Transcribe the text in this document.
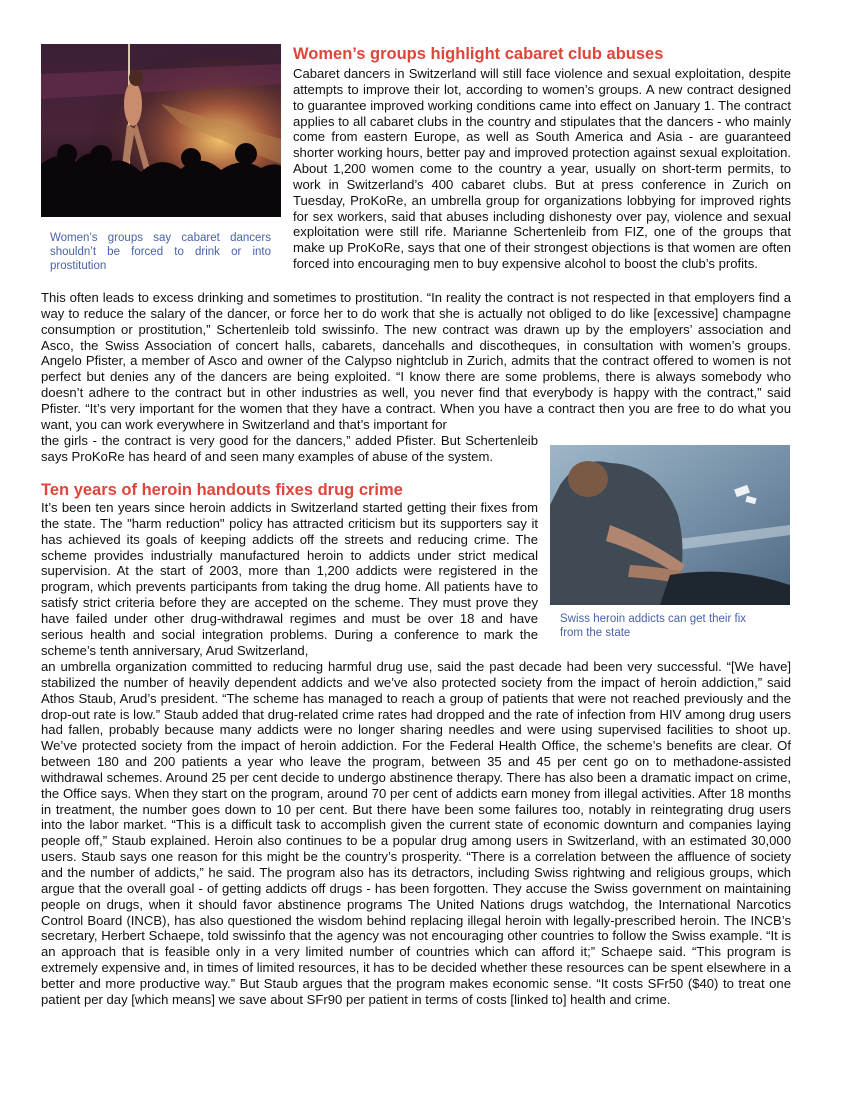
Women’s groups say cabaret dancers shouldn’t be forced to drink or into prostitution

Women’s groups highlight cabaret club abuses

Cabaret dancers in Switzerland will still face violence and sexual exploitation, despite attempts to improve their lot, according to women’s groups. A new contract designed to guarantee improved working conditions came into effect on January 1. The contract applies to all cabaret clubs in the country and stipulates that the dancers - who mainly come from eastern Europe, as well as South America and Asia - are guaranteed shorter working hours, better pay and improved protection against sexual exploitation. About 1,200 women come to the country a year, usually on short-term permits, to work in Switzerland’s 400 cabaret clubs. But at press conference in Zurich on Tuesday, ProKoRe, an umbrella group for organizations lobbying for improved rights for sex workers, said that abuses including dishonesty over pay, violence and sexual exploitation were still rife. Marianne Schertenleib from FIZ, one of the groups that make up ProKoRe, says that one of their strongest objections is that women are often forced into encouraging men to buy expensive alcohol to boost the club’s profits.

This often leads to excess drinking and sometimes to prostitution. “In reality the contract is not respected in that employers find a way to reduce the salary of the dancer, or force her to do work that she is actually not obliged to do like [excessive] champagne consumption or prostitution,” Schertenleib told swissinfo. The new contract was drawn up by the employers’ association and Asco, the Swiss Association of concert halls, cabarets, dancehalls and discotheques, in consultation with women’s groups. Angelo Pfister, a member of Asco and owner of the Calypso nightclub in Zurich, admits that the contract offered to women is not perfect but denies any of the dancers are being exploited. “I know there are some problems, there is always somebody who doesn’t adhere to the contract but in other industries as well, you never find that everybody is happy with the contract,” said Pfister. “It’s very important for the women that they have a contract. When you have a contract then you are free to do what you want, you can work everywhere in Switzerland and that’s important for

the girls - the contract is very good for the dancers,” added Pfister. But Schertenleib says ProKoRe has heard of and seen many examples of abuse of the system.

Ten years of heroin handouts fixes drug crime

Swiss heroin addicts can get their fix from the state

It’s been ten years since heroin addicts in Switzerland started getting their fixes from the state. The "harm reduction" policy has attracted criticism but its supporters say it has achieved its goals of keeping addicts off the streets and reducing crime. The scheme provides industrially manufactured heroin to addicts under strict medical supervision. At the start of 2003, more than 1,200 addicts were registered in the program, which prevents participants from taking the drug home. All patients have to satisfy strict criteria before they are accepted on the scheme. They must prove they have failed under other drug-withdrawal regimes and must be over 18 and have serious health and social integration problems. During a conference to mark the scheme’s tenth anniversary, Arud Switzerland,

an umbrella organization committed to reducing harmful drug use, said the past decade had been very successful. “[We have] stabilized the number of heavily dependent addicts and we’ve also protected society from the impact of heroin addiction,” said Athos Staub, Arud’s president. “The scheme has managed to reach a group of patients that were not reached previously and the drop-out rate is low.” Staub added that drug-related crime rates had dropped and the rate of infection from HIV among drug users had fallen, probably because many addicts were no longer sharing needles and were using supervised facilities to shoot up. We’ve protected society from the impact of heroin addiction. For the Federal Health Office, the scheme’s benefits are clear. Of between 180 and 200 patients a year who leave the program, between 35 and 45 per cent go on to methadone-assisted withdrawal schemes. Around 25 per cent decide to undergo abstinence therapy. There has also been a dramatic impact on crime, the Office says. When they start on the program, around 70 per cent of addicts earn money from illegal activities. After 18 months in treatment, the number goes down to 10 per cent. But there have been some failures too, notably in reintegrating drug users into the labor market. “This is a difficult task to accomplish given the current state of economic downturn and companies laying people off,” Staub explained. Heroin also continues to be a popular drug among users in Switzerland, with an estimated 30,000 users. Staub says one reason for this might be the country’s prosperity. “There is a correlation between the affluence of society and the number of addicts,” he said. The program also has its detractors, including Swiss rightwing and religious groups, which argue that the overall goal - of getting addicts off drugs - has been forgotten. They accuse the Swiss government on maintaining people on drugs, when it should favor abstinence programs The United Nations drugs watchdog, the International Narcotics Control Board (INCB), has also questioned the wisdom behind replacing illegal heroin with legally-prescribed heroin. The INCB’s secretary, Herbert Schaepe, told swissinfo that the agency was not encouraging other countries to follow the Swiss example. “It is an approach that is feasible only in a very limited number of countries which can afford it;” Schaepe said. “This program is extremely expensive and, in times of limited resources, it has to be decided whether these resources can be spent elsewhere in a better and more productive way.” But Staub argues that the program makes economic sense. “It costs SFr50 ($40) to treat one patient per day [which means] we save about SFr90 per patient in terms of costs [linked to] health and crime.
